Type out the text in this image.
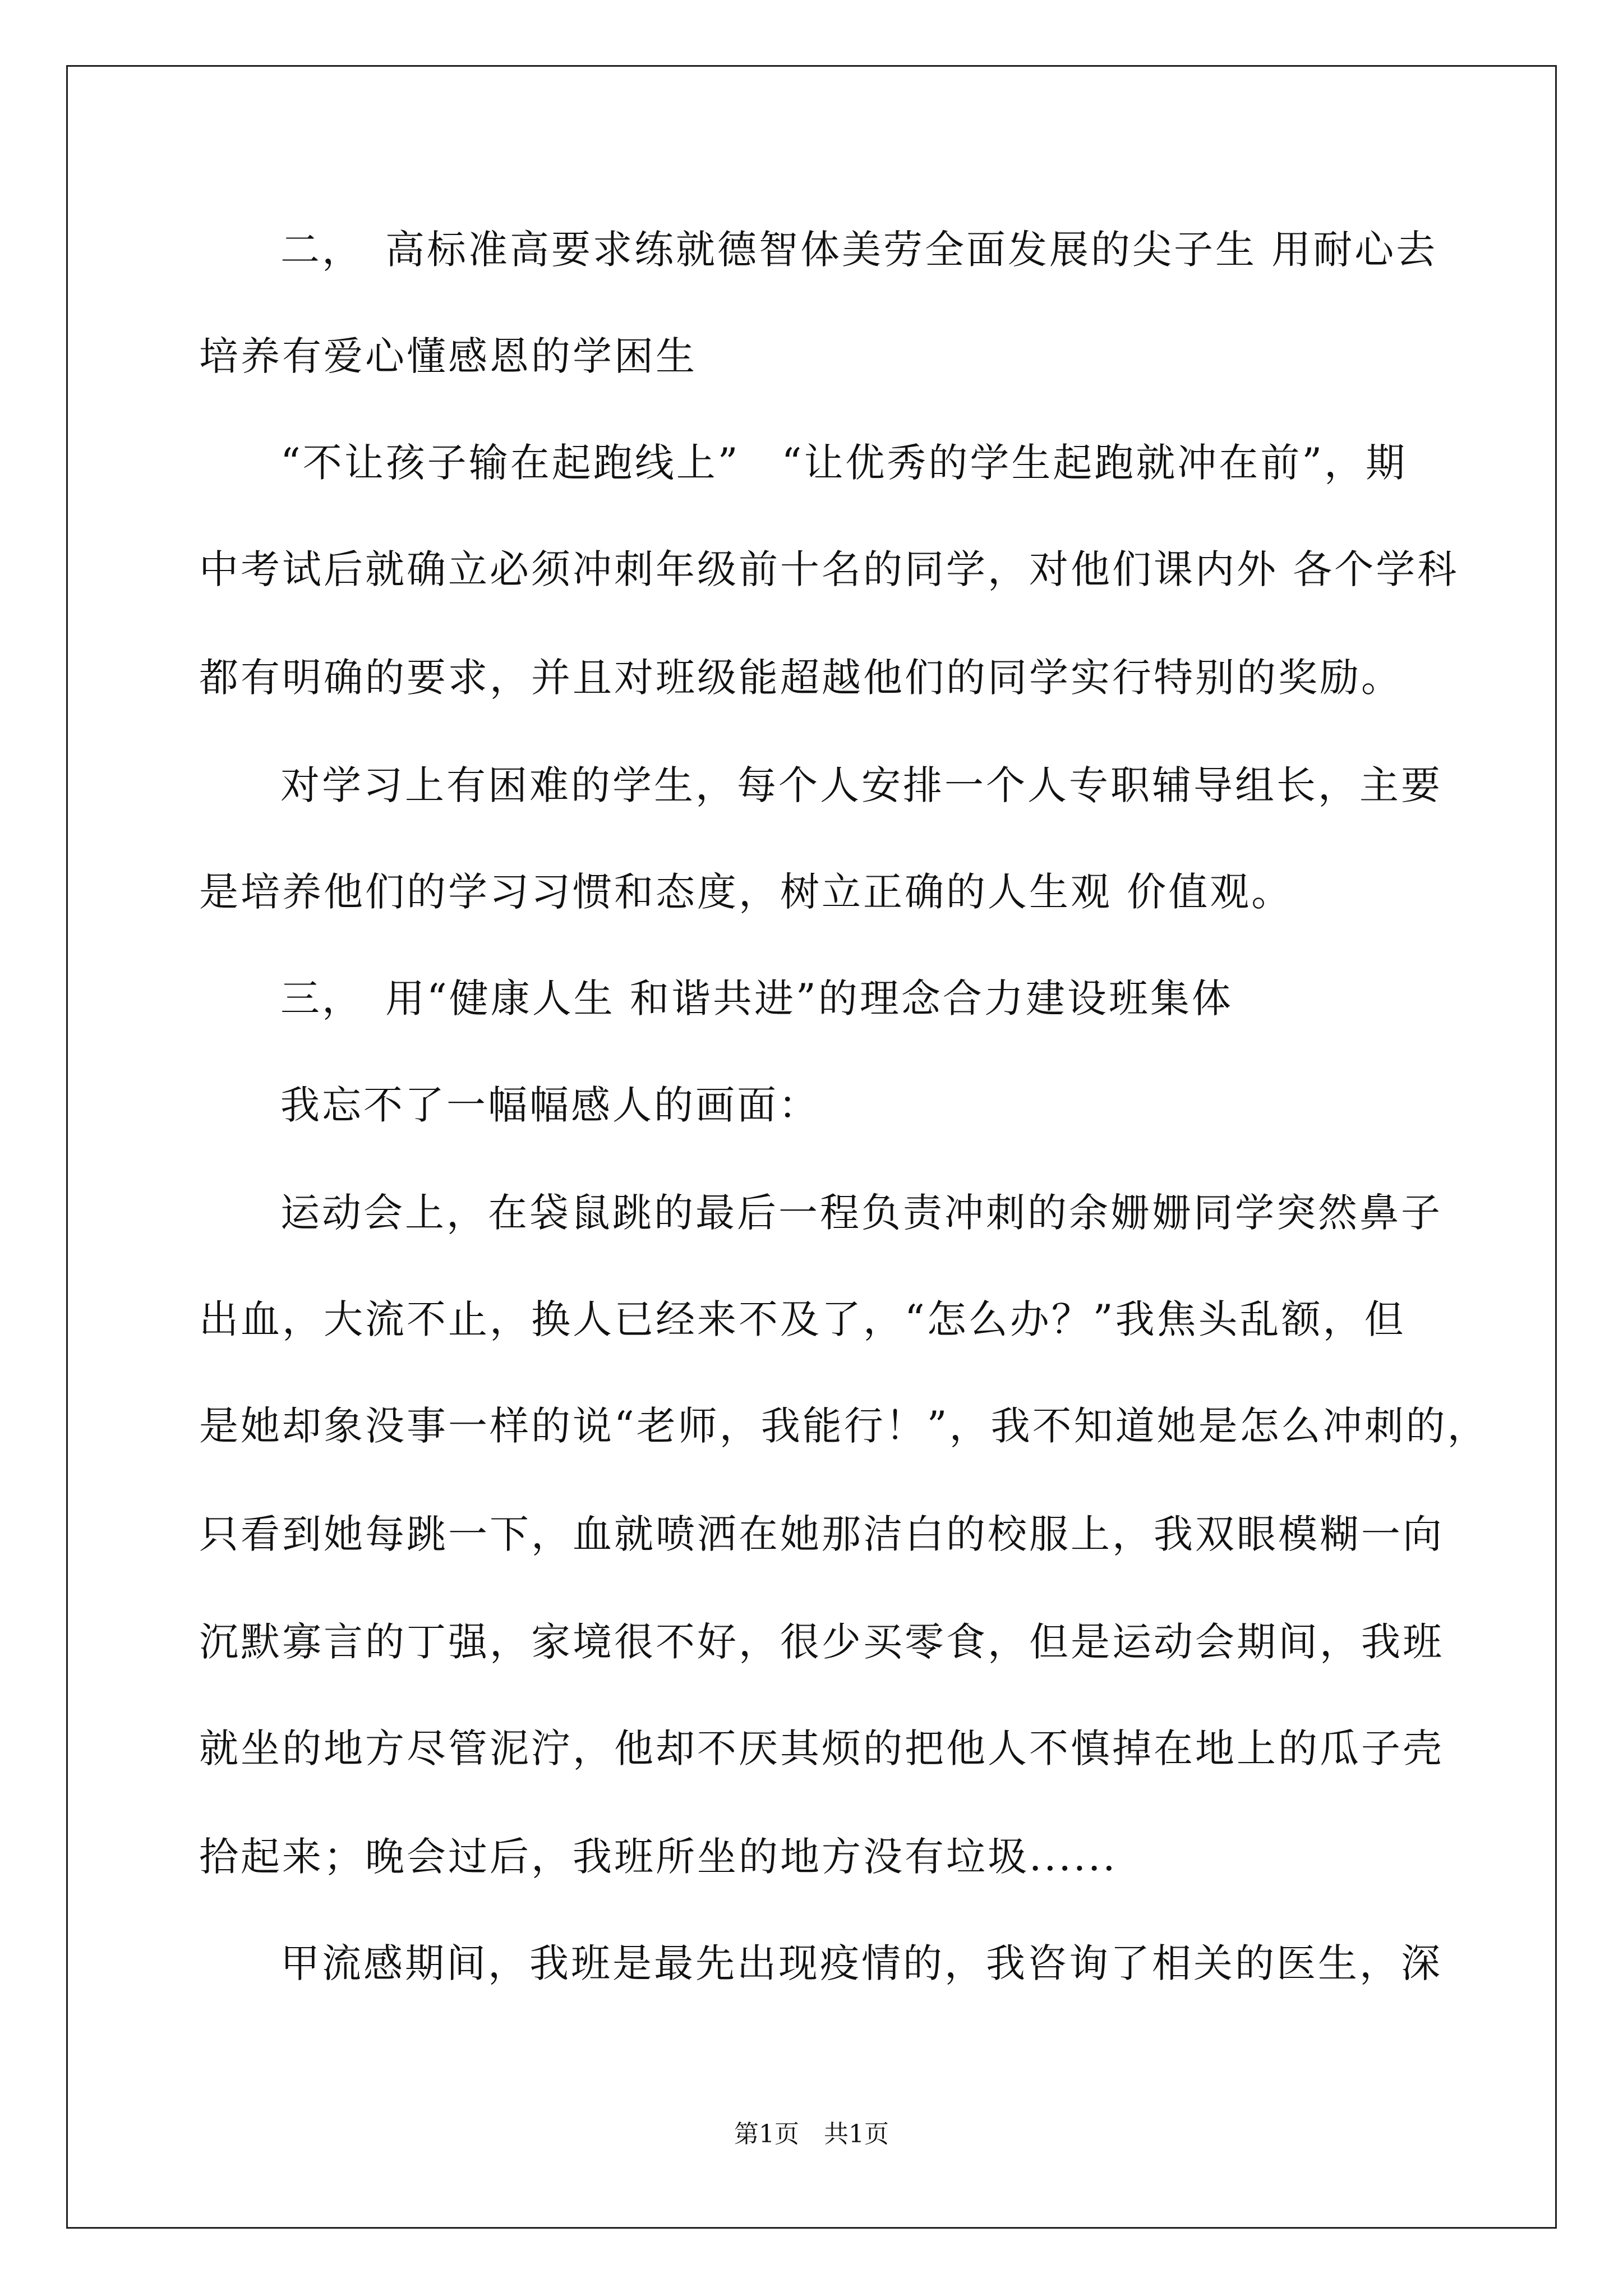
二，　高标准高要求练就德智体美劳全面发展的尖子生 用耐心去
培养有爱心懂感恩的学困生
“不让孩子输在起跑线上”　“让优秀的学生起跑就冲在前”，期
中考试后就确立必须冲刺年级前十名的同学，对他们课内外 各个学科
都有明确的要求，并且对班级能超越他们的同学实行特别的奖励。
对学习上有困难的学生，每个人安排一个人专职辅导组长，主要
是培养他们的学习习惯和态度，树立正确的人生观 价值观。
三，　用“健康人生 和谐共进”的理念合力建设班集体
我忘不了一幅幅感人的画面：
运动会上，在袋鼠跳的最后一程负责冲刺的余姗姗同学突然鼻子
出血，大流不止，换人已经来不及了，“怎么办？”我焦头乱额，但
是她却象没事一样的说“老师，我能行！”，我不知道她是怎么冲刺的，
只看到她每跳一下，血就喷洒在她那洁白的校服上，我双眼模糊一向
沉默寡言的丁强，家境很不好，很少买零食，但是运动会期间，我班
就坐的地方尽管泥泞，他却不厌其烦的把他人不慎掉在地上的瓜子壳
拾起来；晚会过后，我班所坐的地方没有垃圾......
甲流感期间，我班是最先出现疫情的，我咨询了相关的医生，深
第1页　共1页
